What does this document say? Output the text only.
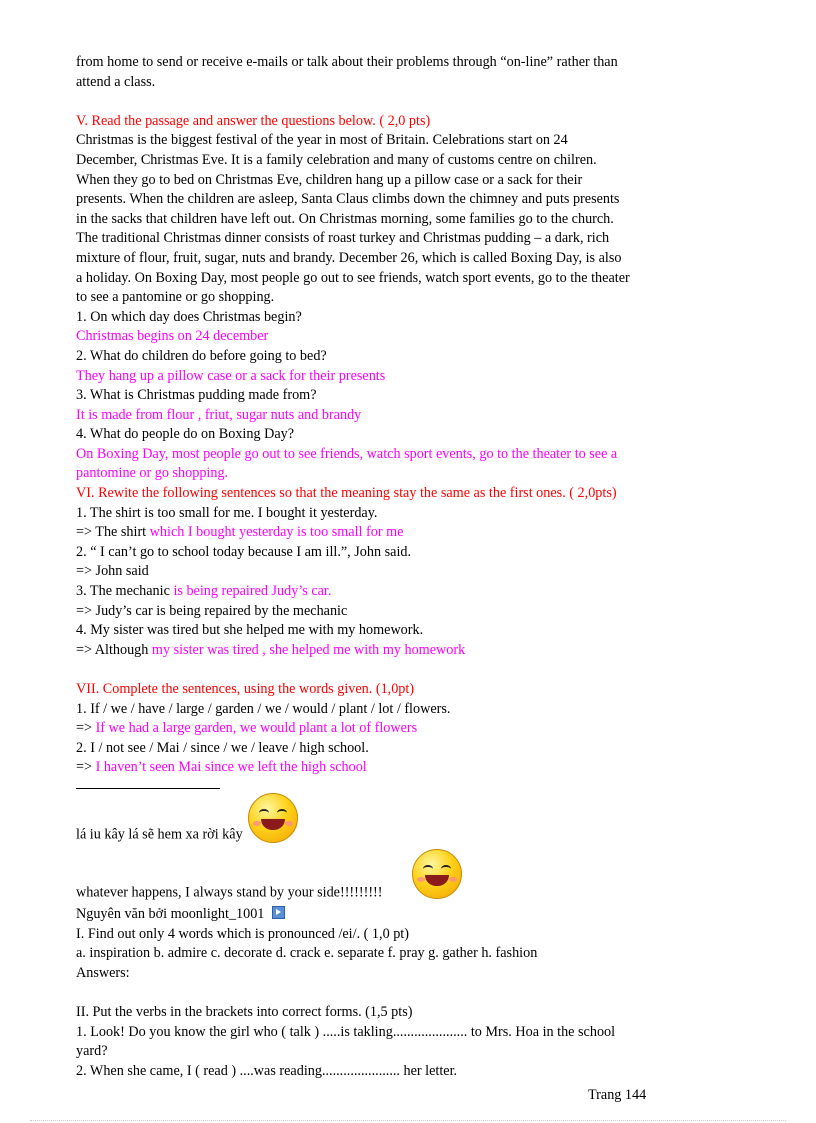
from home to send or receive e-mails or talk about their problems through “on-line” rather than
attend a class.
V. Read the passage and answer the questions below. ( 2,0 pts)
Christmas is the biggest festival of the year in most of Britain. Celebrations start on 24
December, Christmas Eve. It is a family celebration and many of customs centre on chilren.
When they go to bed on Christmas Eve, children hang up a pillow case or a sack for their
presents. When the children are asleep, Santa Claus climbs down the chimney and puts presents
in the sacks that children have left out. On Christmas morning, some families go to the church.
The traditional Christmas dinner consists of roast turkey and Christmas pudding – a dark, rich
mixture of flour, fruit, sugar, nuts and brandy. December 26, which is called Boxing Day, is also
a holiday. On Boxing Day, most people go out to see friends, watch sport events, go to the theater
to see a pantomine or go shopping.
1. On which day does Christmas begin?
Christmas begins on 24 december
2. What do children do before going to bed?
They hang up a pillow case or a sack for their presents
3. What is Christmas pudding made from?
It is made from flour , friut, sugar nuts and brandy
4. What do people do on Boxing Day?
On Boxing Day, most people go out to see friends, watch sport events, go to the theater to see a
pantomine or go shopping.
VI. Rewite the following sentences so that the meaning stay the same as the first ones. ( 2,0pts)
1. The shirt is too small for me. I bought it yesterday.
=> The shirt which I bought yesterday is too small for me
2. “ I can’t go to school today because I am ill.”, John said.
=> John said
3. The mechanic is being repaired Judy’s car.
=> Judy’s car is being repaired by the mechanic
4. My sister was tired but she helped me with my homework.
=> Although my sister was tired , she helped me with my homework
VII. Complete the sentences, using the words given. (1,0pt)
1. If / we / have / large / garden / we / would / plant / lot / flowers.
=> If we had a large garden, we would plant a lot of flowers
2. I / not see / Mai / since / we / leave / high school.
=> I haven’t seen Mai since we left the high school
lá iu kây lá sẽ hem xa rời kây
whatever happens, I always stand by your side!!!!!!!!!
Nguyên văn bởi moonlight_1001
I. Find out only 4 words which is pronounced /ei/. ( 1,0 pt)
a. inspiration b. admire c. decorate d. crack e. separate f. pray g. gather h. fashion
Answers:
II. Put the verbs in the brackets into correct forms. (1,5 pts)
1. Look! Do you know the girl who ( talk ) .....is takling..................... to Mrs. Hoa in the school
yard?
2. When she came, I ( read ) ....was reading...................... her letter.
Trang 144
